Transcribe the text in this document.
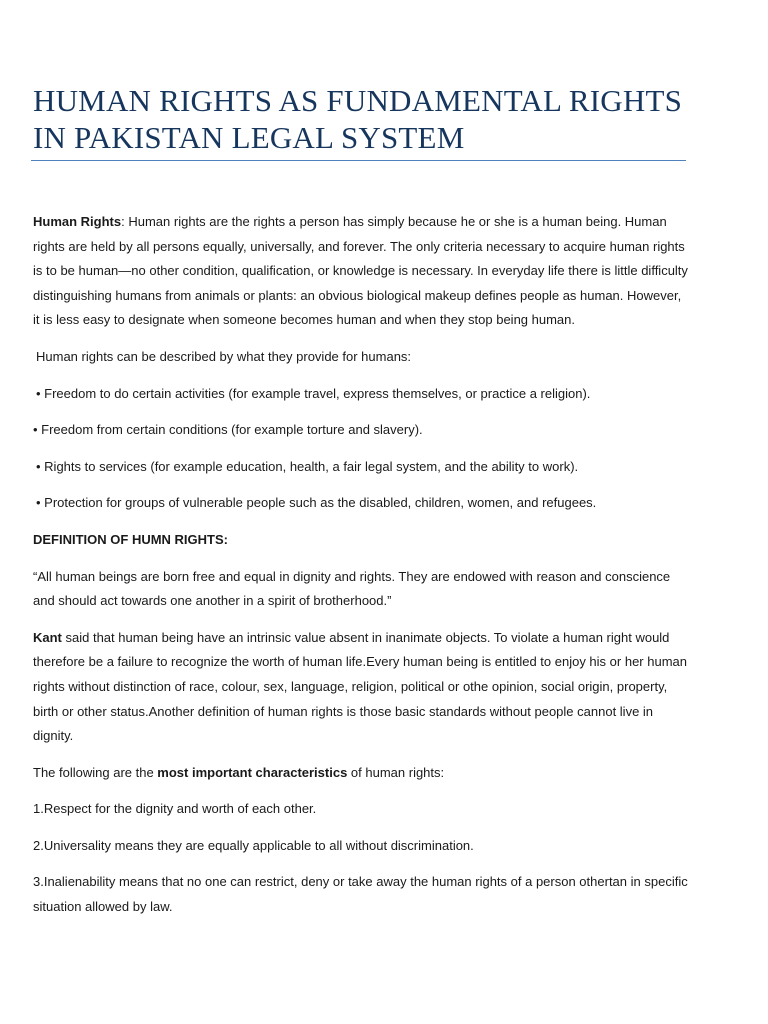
HUMAN RIGHTS AS FUNDAMENTAL RIGHTS
IN PAKISTAN LEGAL SYSTEM

Human Rights: Human rights are the rights a person has simply because he or she is a human being. Human rights are held by all persons equally, universally, and forever. The only criteria necessary to acquire human rights is to be human—no other condition, qualification, or knowledge is necessary. In everyday life there is little difficulty distinguishing humans from animals or plants: an obvious biological makeup defines people as human. However, it is less easy to designate when someone becomes human and when they stop being human.

Human rights can be described by what they provide for humans:

• Freedom to do certain activities (for example travel, express themselves, or practice a religion).

• Freedom from certain conditions (for example torture and slavery).

• Rights to services (for example education, health, a fair legal system, and the ability to work).

• Protection for groups of vulnerable people such as the disabled, children, women, and refugees.

DEFINITION OF HUMN RIGHTS:

“All human beings are born free and equal in dignity and rights. They are endowed with reason and conscience and should act towards one another in a spirit of brotherhood.”

Kant said that human being have an intrinsic value absent in inanimate objects. To violate a human right would therefore be a failure to recognize the worth of human life.Every human being is entitled to enjoy his or her human rights without distinction of race, colour, sex, language, religion, political or othe opinion, social origin, property, birth or other status.Another definition of human rights is those basic standards without people cannot live in dignity.

The following are the most important characteristics of human rights:

1.Respect for the dignity and worth of each other.

2.Universality means they are equally applicable to all without discrimination.

3.Inalienability means that no one can restrict, deny or take away the human rights of a person othertan in specific situation allowed by law.
